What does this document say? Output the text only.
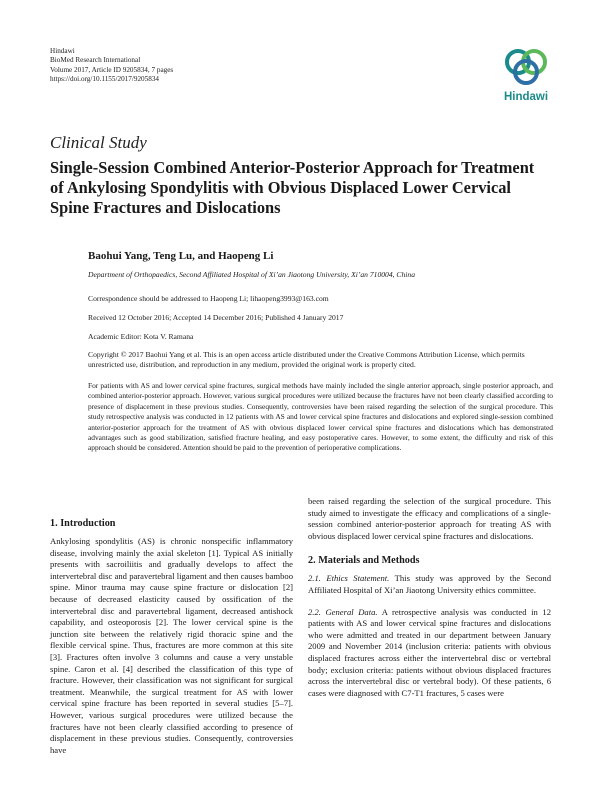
Hindawi
BioMed Research International
Volume 2017, Article ID 9205834, 7 pages
https://doi.org/10.1155/2017/9205834
Hindawi
Clinical Study
Single-Session Combined Anterior-Posterior Approach for Treatment of Ankylosing Spondylitis with Obvious Displaced Lower Cervical Spine Fractures and Dislocations
Baohui Yang, Teng Lu, and Haopeng Li
Department of Orthopaedics, Second Affiliated Hospital of Xi’an Jiaotong University, Xi’an 710004, China
Correspondence should be addressed to Haopeng Li; lihaopeng3993@163.com
Received 12 October 2016; Accepted 14 December 2016; Published 4 January 2017
Academic Editor: Kota V. Ramana
Copyright © 2017 Baohui Yang et al. This is an open access article distributed under the Creative Commons Attribution License, which permits unrestricted use, distribution, and reproduction in any medium, provided the original work is properly cited.
For patients with AS and lower cervical spine fractures, surgical methods have mainly included the single anterior approach, single posterior approach, and combined anterior-posterior approach. However, various surgical procedures were utilized because the fractures have not been clearly classified according to presence of displacement in these previous studies. Consequently, controversies have been raised regarding the selection of the surgical procedure. This study retrospective analysis was conducted in 12 patients with AS and lower cervical spine fractures and dislocations and explored single-session combined anterior-posterior approach for the treatment of AS with obvious displaced lower cervical spine fractures and dislocations which has demonstrated advantages such as good stabilization, satisfied fracture healing, and easy postoperative cares. However, to some extent, the difficulty and risk of this approach should be considered. Attention should be paid to the prevention of perioperative complications.
1. Introduction

Ankylosing spondylitis (AS) is chronic nonspecific inflammatory disease, involving mainly the axial skeleton [1]. Typical AS initially presents with sacroiliitis and gradually develops to affect the intervertebral disc and paravertebral ligament and then causes bamboo spine. Minor trauma may cause spine fracture or dislocation [2] because of decreased elasticity caused by ossification of the intervertebral disc and paravertebral ligament, decreased antishock capability, and osteoporosis [2]. The lower cervical spine is the junction site between the relatively rigid thoracic spine and the flexible cervical spine. Thus, fractures are more common at this site [3]. Fractures often involve 3 columns and cause a very unstable spine. Caron et al. [4] described the classification of this type of fracture. However, their classification was not significant for surgical treatment. Meanwhile, the surgical treatment for AS with lower cervical spine fracture has been reported in several studies [5–7]. However, various surgical procedures were utilized because the fractures have not been clearly classified according to presence of displacement in these previous studies. Consequently, controversies have

been raised regarding the selection of the surgical procedure. This study aimed to investigate the efficacy and complications of a single-session combined anterior-posterior approach for treating AS with obvious displaced lower cervical spine fractures and dislocations.

2. Materials and Methods

2.1. Ethics Statement. This study was approved by the Second Affiliated Hospital of Xi’an Jiaotong University ethics committee.

2.2. General Data. A retrospective analysis was conducted in 12 patients with AS and lower cervical spine fractures and dislocations who were admitted and treated in our department between January 2009 and November 2014 (inclusion criteria: patients with obvious displaced fractures across either the intervertebral disc or vertebral body; exclusion criteria: patients without obvious displaced fractures across the intervertebral disc or vertebral body). Of these patients, 6 cases were diagnosed with C7-T1 fractures, 5 cases were
